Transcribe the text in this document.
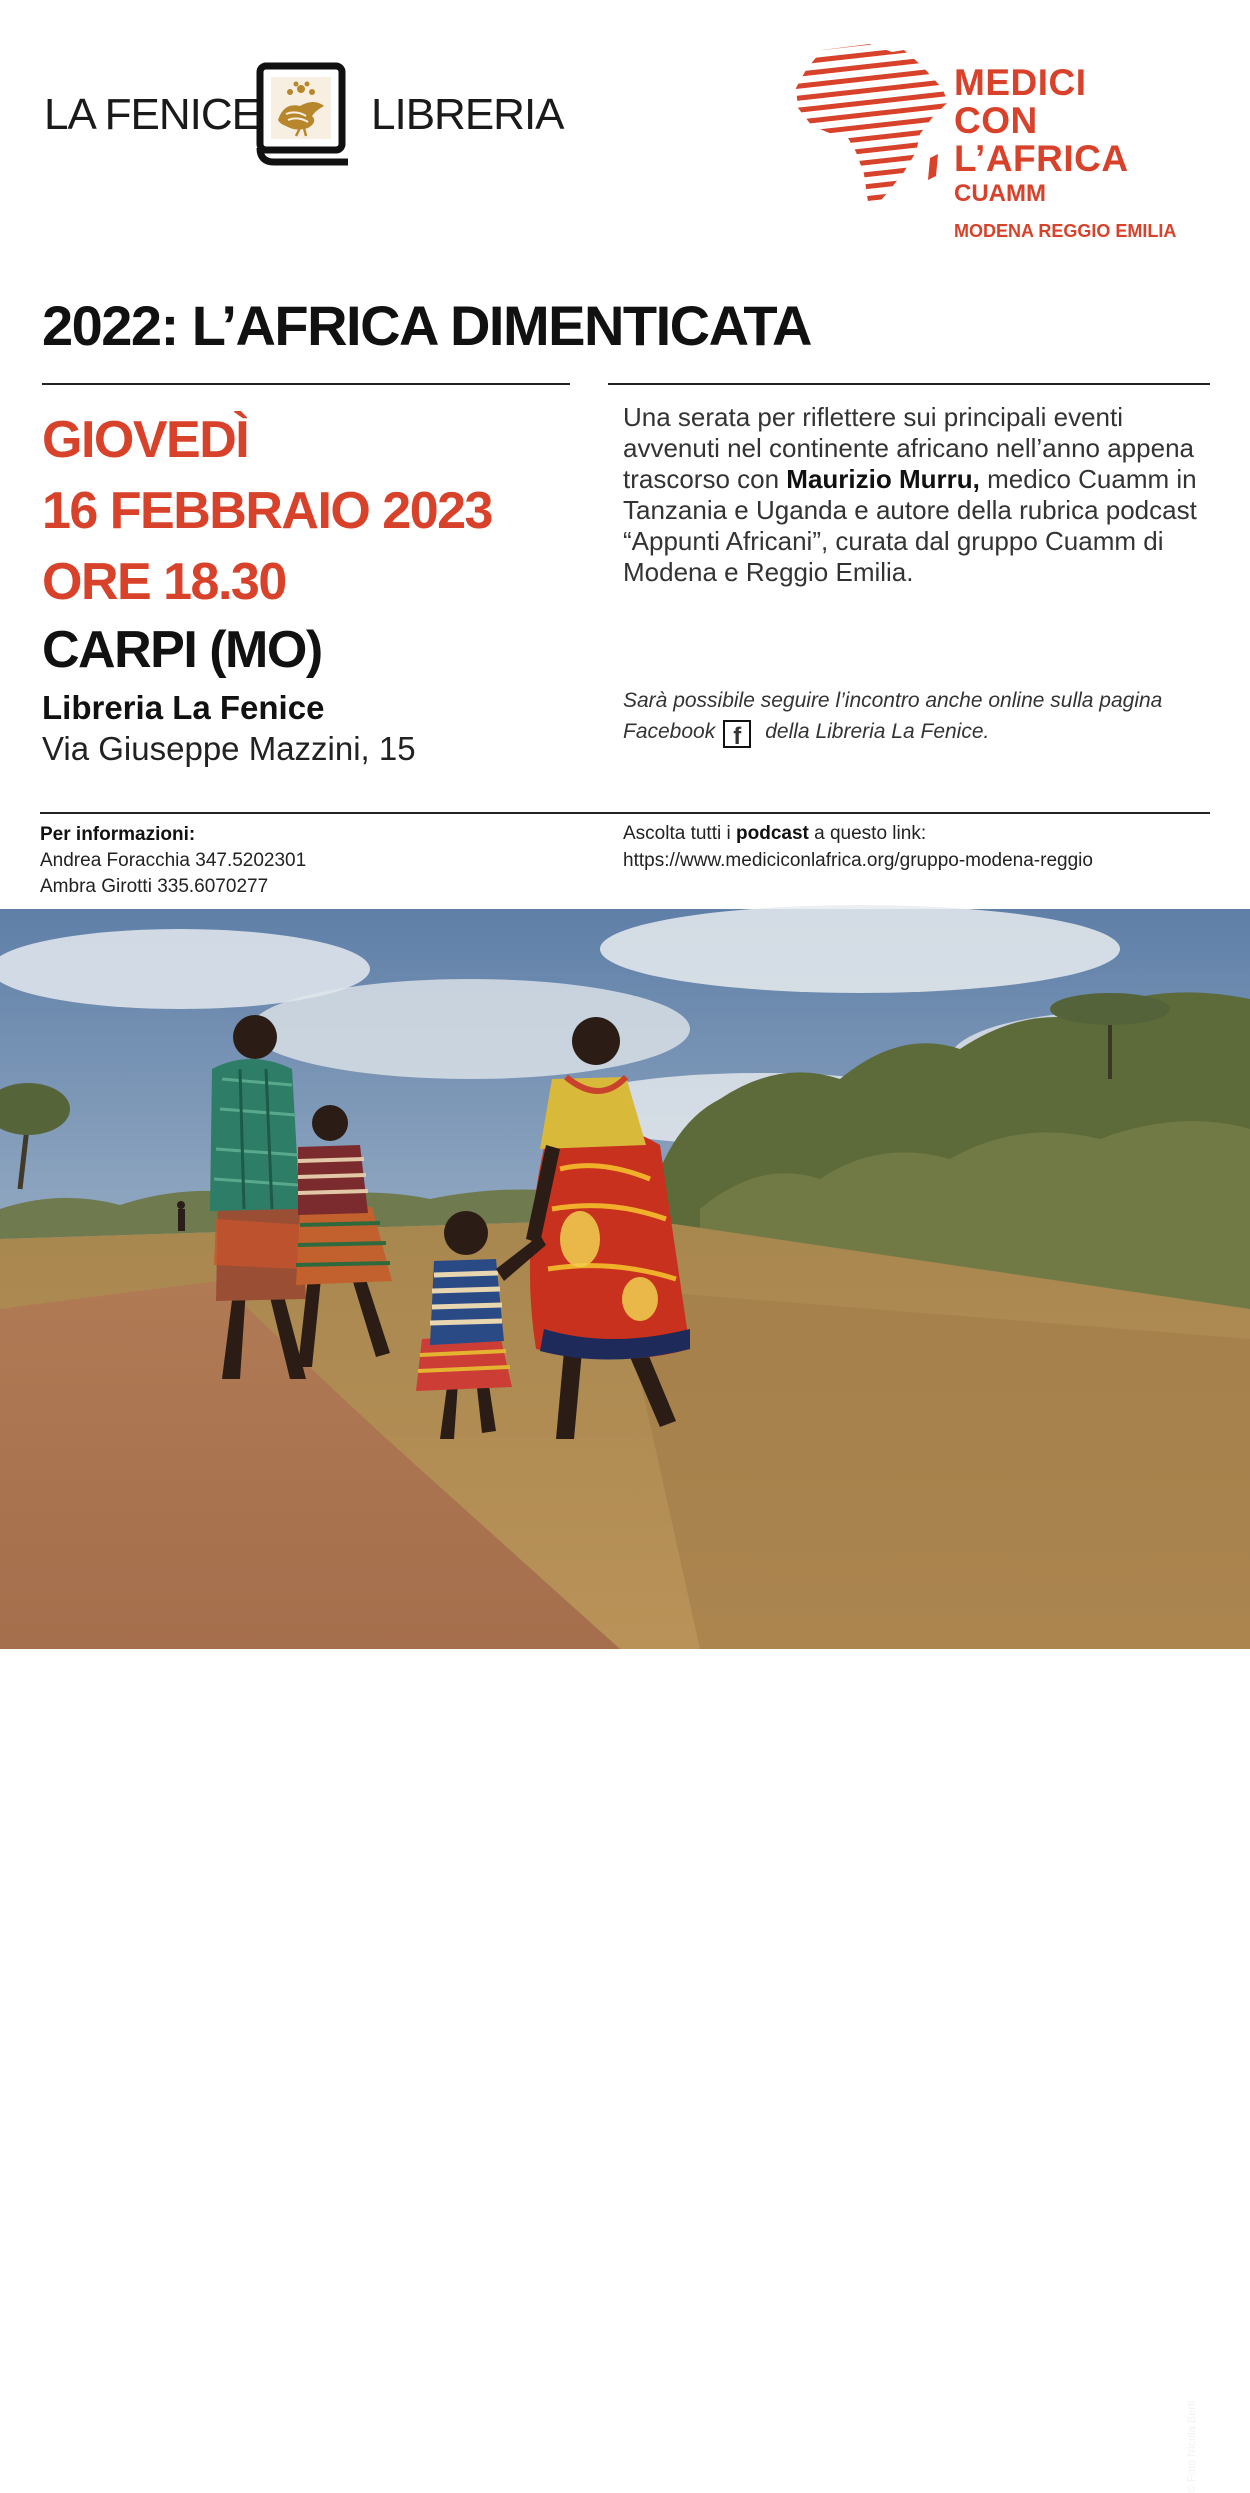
LA FENICE	LIBRERIA
MEDICI
CON L’AFRICA
CUAMM
MODENA REGGIO EMILIA
2022: L’AFRICA DIMENTICATA
GIOVEDÌ
16 FEBBRAIO 2023
ORE 18.30
CARPI (MO)
Libreria La Fenice
Via Giuseppe Mazzini, 15
Una serata per riflettere sui principali eventi avvenuti nel continente africano nell’anno appena trascorso con Maurizio Murru, medico Cuamm in Tanzania e Uganda e autore della rubrica podcast “Appunti Africani”, curata dal gruppo Cuamm di Modena e Reggio Emilia.
Sarà possibile seguire l’incontro anche online sulla pagina Facebook f della Libreria La Fenice.
Per informazioni:
Andrea Foracchia 347.5202301
Ambra Girotti 335.6070277
Ascolta tutti i podcast a questo link:
https://www.mediciconlafrica.org/gruppo-modena-reggio
© Foto Nicola Berti
